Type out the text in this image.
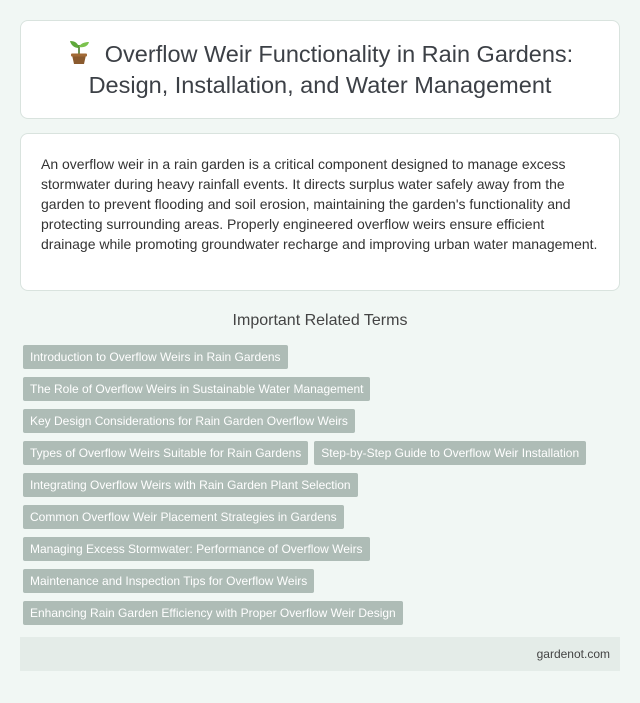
Overflow Weir Functionality in Rain Gardens: Design, Installation, and Water Management

An overflow weir in a rain garden is a critical component designed to manage excess stormwater during heavy rainfall events. It directs surplus water safely away from the garden to prevent flooding and soil erosion, maintaining the garden's functionality and protecting surrounding areas. Properly engineered overflow weirs ensure efficient drainage while promoting groundwater recharge and improving urban water management.

Important Related Terms
Introduction to Overflow Weirs in Rain Gardens
The Role of Overflow Weirs in Sustainable Water Management
Key Design Considerations for Rain Garden Overflow Weirs
Types of Overflow Weirs Suitable for Rain Gardens	Step-by-Step Guide to Overflow Weir Installation
Integrating Overflow Weirs with Rain Garden Plant Selection
Common Overflow Weir Placement Strategies in Gardens
Managing Excess Stormwater: Performance of Overflow Weirs
Maintenance and Inspection Tips for Overflow Weirs
Enhancing Rain Garden Efficiency with Proper Overflow Weir Design
gardenot.com
